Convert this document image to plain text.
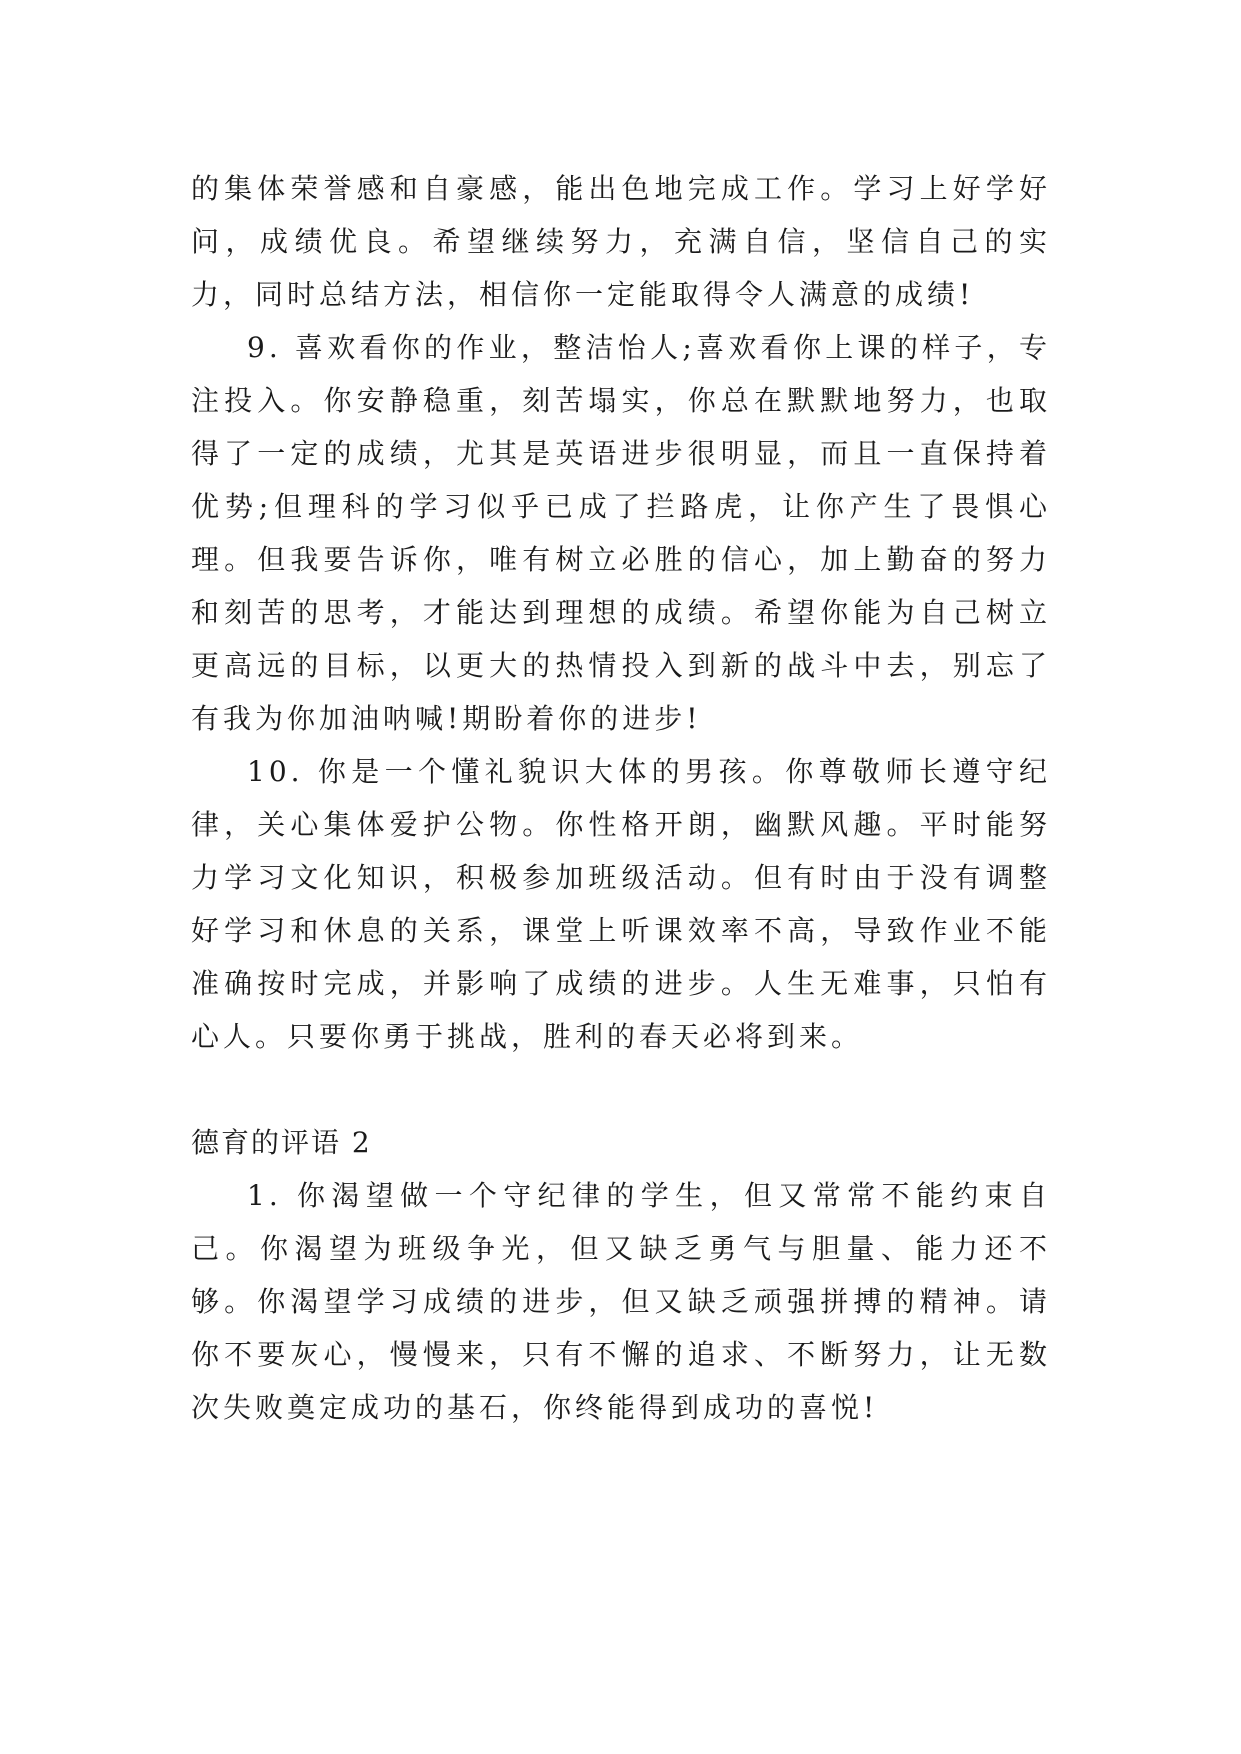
的集体荣誉感和自豪感，能出色地完成工作。学习上好学好问，成绩优良。希望继续努力，充满自信，坚信自己的实力，同时总结方法，相信你一定能取得令人满意的成绩!

9. 喜欢看你的作业，整洁怡人;喜欢看你上课的样子，专注投入。你安静稳重，刻苦塌实，你总在默默地努力，也取得了一定的成绩，尤其是英语进步很明显，而且一直保持着优势;但理科的学习似乎已成了拦路虎，让你产生了畏惧心理。但我要告诉你，唯有树立必胜的信心，加上勤奋的努力和刻苦的思考，才能达到理想的成绩。希望你能为自己树立更高远的目标，以更大的热情投入到新的战斗中去，别忘了有我为你加油呐喊!期盼着你的进步!

10. 你是一个懂礼貌识大体的男孩。你尊敬师长遵守纪律，关心集体爱护公物。你性格开朗，幽默风趣。平时能努力学习文化知识，积极参加班级活动。但有时由于没有调整好学习和休息的关系，课堂上听课效率不高，导致作业不能准确按时完成，并影响了成绩的进步。人生无难事，只怕有心人。只要你勇于挑战，胜利的春天必将到来。

德育的评语 2

1. 你渴望做一个守纪律的学生，但又常常不能约束自己。你渴望为班级争光，但又缺乏勇气与胆量、能力还不够。你渴望学习成绩的进步，但又缺乏顽强拼搏的精神。请你不要灰心，慢慢来，只有不懈的追求、不断努力，让无数次失败奠定成功的基石，你终能得到成功的喜悦!
